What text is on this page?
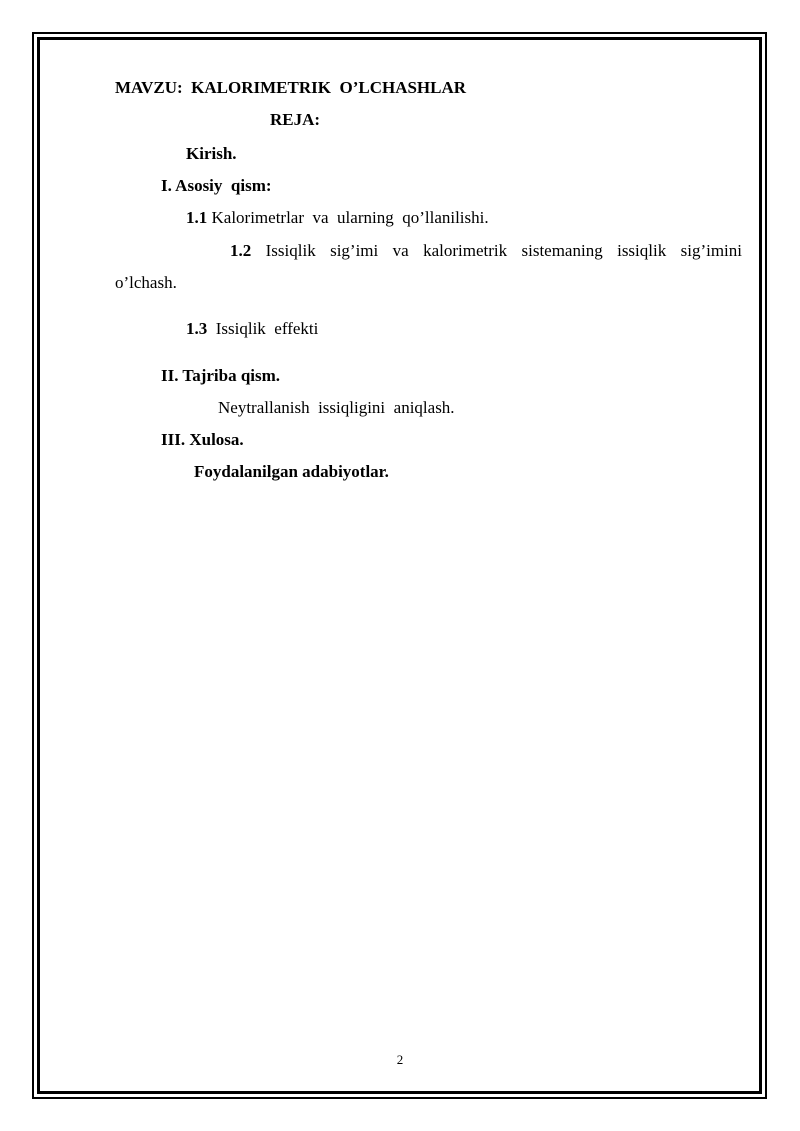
MAVZU:  KALORIMETRIK  O’LCHASHLAR
REJA:
Kirish.
I. Asosiy  qism:
1.1 Kalorimetrlar  va  ularning  qo’llanilishi.
1.2 Issiqlik sig’imi va kalorimetrik sistemaning issiqlik sig’imini
o’lchash.
1.3 Issiqlik  effekti
II. Tajriba qism.
Neytrallanish  issiqligini  aniqlash.
III. Xulosa.
Foydalanilgan adabiyotlar.
2
